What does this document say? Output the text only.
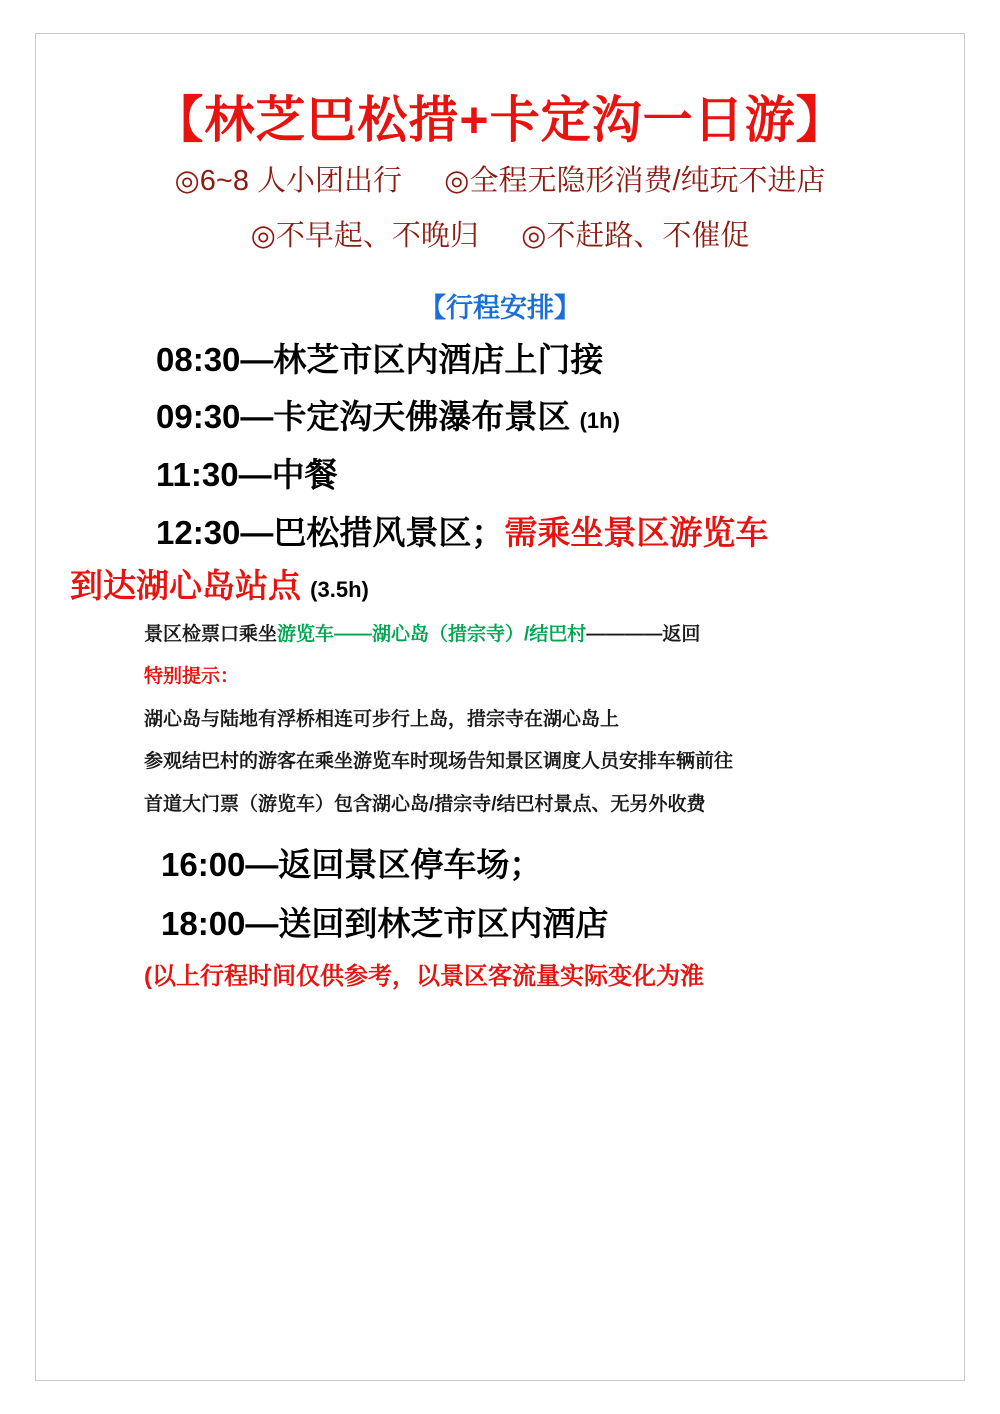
【林芝巴松措+卡定沟一日游】
◎6~8 人小团出行 ◎全程无隐形消费/纯玩不进店
◎不早起、不晚归 ◎不赶路、不催促
【行程安排】
08:30—林芝市区内酒店上门接
09:30—卡定沟天佛瀑布景区 (1h)
11:30—中餐
12:30—巴松措风景区；需乘坐景区游览车
到达湖心岛站点 (3.5h)

景区检票口乘坐游览车——湖心岛（措宗寺）/结巴村————返回

特别提示：

湖心岛与陆地有浮桥相连可步行上岛，措宗寺在湖心岛上

参观结巴村的游客在乘坐游览车时现场告知景区调度人员安排车辆前往

首道大门票（游览车）包含湖心岛/措宗寺/结巴村景点、无另外收费

16:00—返回景区停车场；
18:00—送回到林芝市区内酒店
(以上行程时间仅供参考，以景区客流量实际变化为淮
